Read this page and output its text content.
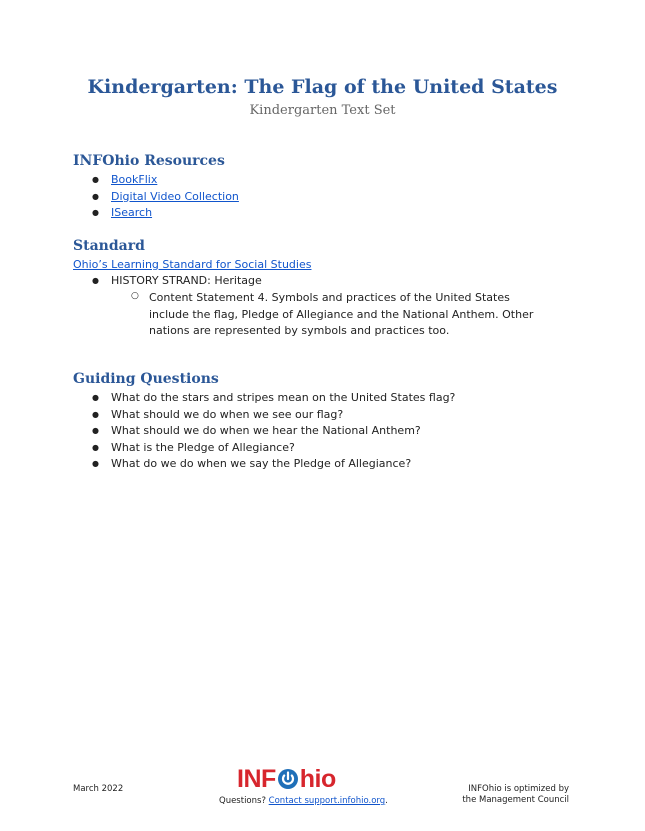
Kindergarten: The Flag of the United States
Kindergarten Text Set
INFOhio Resources
● BookFlix
● Digital Video Collection
● ISearch
Standard
Ohio’s Learning Standard for Social Studies
● HISTORY STRAND: Heritage
○ Content Statement 4. Symbols and practices of the United States include the flag, Pledge of Allegiance and the National Anthem. Other nations are represented by symbols and practices too.
Guiding Questions
● What do the stars and stripes mean on the United States flag?
● What should we do when we see our flag?
● What should we do when we hear the National Anthem?
● What is the Pledge of Allegiance?
● What do we do when we say the Pledge of Allegiance?
March 2022	INF hio
Questions? Contact support.infohio.org.
INFOhio is optimized by
the Management Council
